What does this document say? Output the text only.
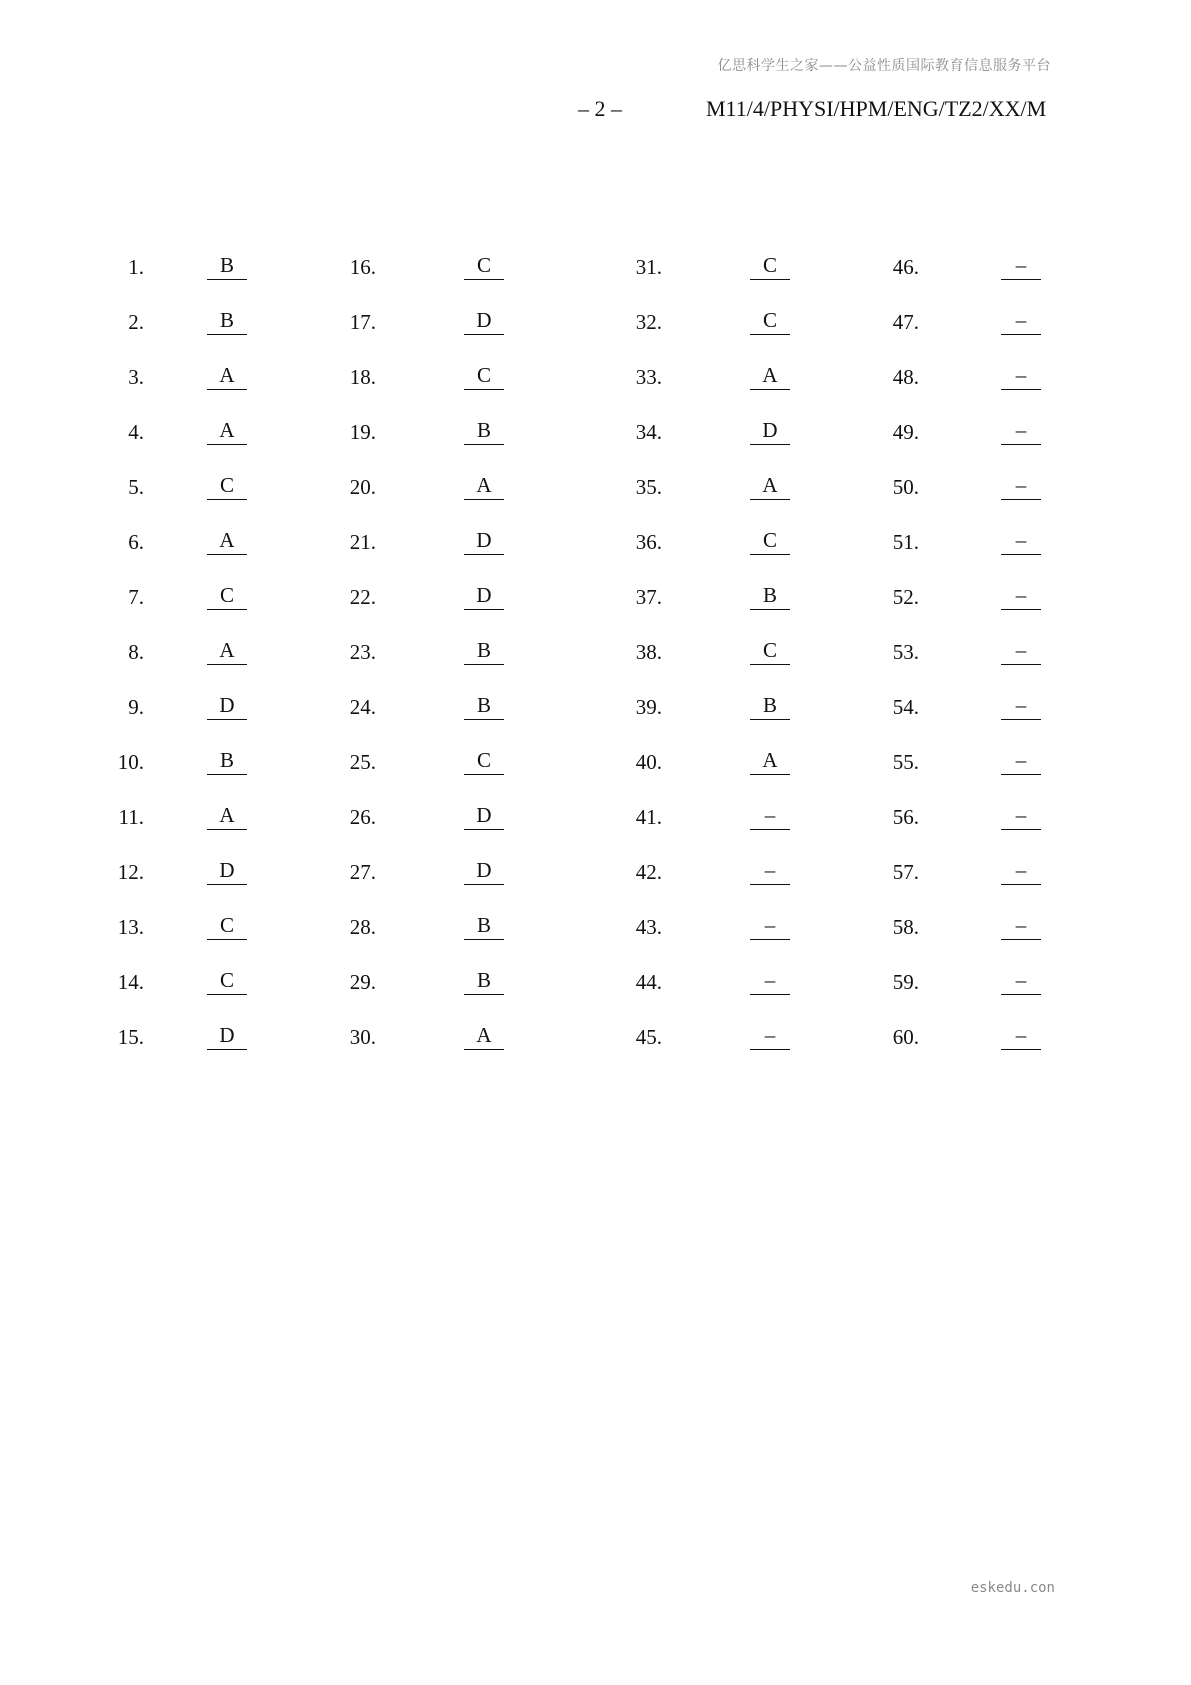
亿思科学生之家——公益性质国际教育信息服务平台
– 2 –	M11/4/PHYSI/HPM/ENG/TZ2/XX/M
1.	B	16.	C	31.	C	46.	–
2.	B	17.	D	32.	C	47.	–
3.	A	18.	C	33.	A	48.	–
4.	A	19.	B	34.	D	49.	–
5.	C	20.	A	35.	A	50.	–
6.	A	21.	D	36.	C	51.	–
7.	C	22.	D	37.	B	52.	–
8.	A	23.	B	38.	C	53.	–
9.	D	24.	B	39.	B	54.	–
10.	B	25.	C	40.	A	55.	–
11.	A	26.	D	41.	–	56.	–
12.	D	27.	D	42.	–	57.	–
13.	C	28.	B	43.	–	58.	–
14.	C	29.	B	44.	–	59.	–
15.	D	30.	A	45.	–	60.	–
eskedu.con
